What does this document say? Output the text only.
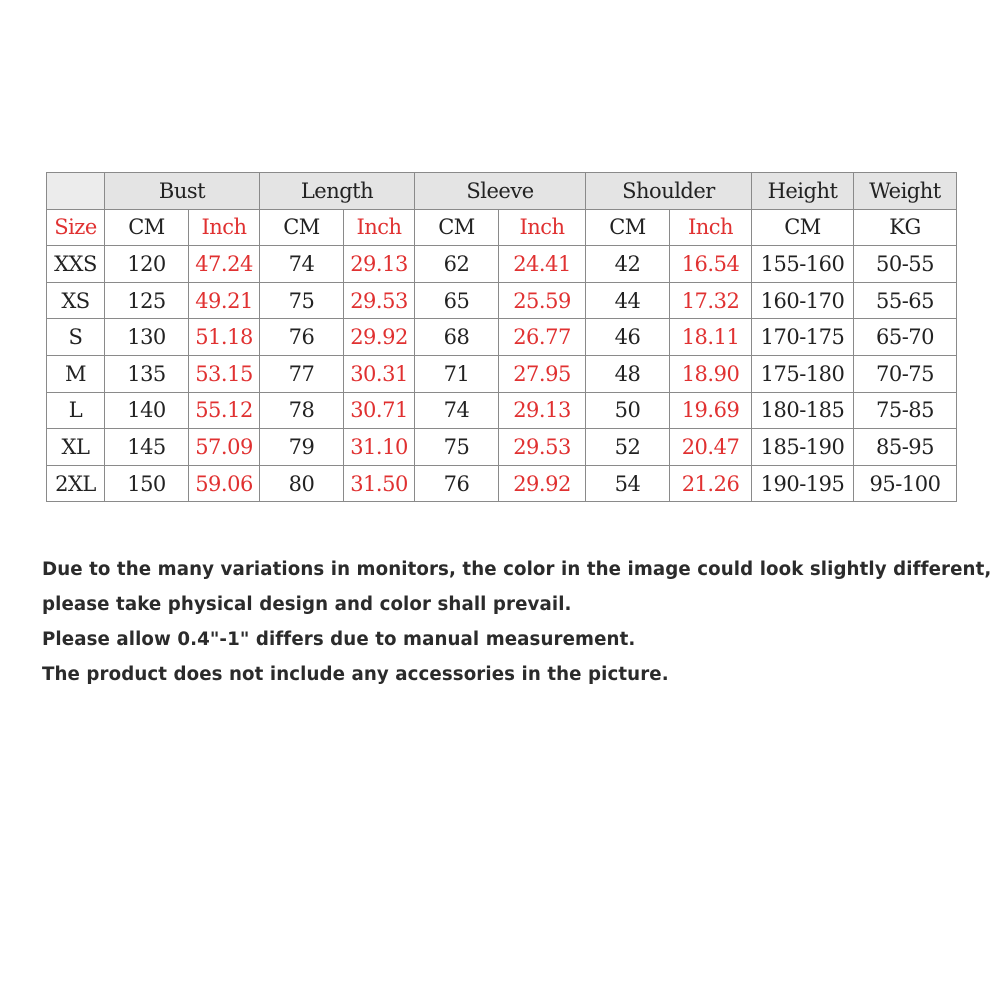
	Bust		Length		Sleeve		Shoulder		Height	Weight
Size	CM	Inch	CM	Inch	CM	Inch	CM	Inch	CM	KG
XXS	120	47.24	74	29.13	62	24.41	42	16.54	155-160	50-55
XS	125	49.21	75	29.53	65	25.59	44	17.32	160-170	55-65
S	130	51.18	76	29.92	68	26.77	46	18.11	170-175	65-70
M	135	53.15	77	30.31	71	27.95	48	18.90	175-180	70-75
L	140	55.12	78	30.71	74	29.13	50	19.69	180-185	75-85
XL	145	57.09	79	31.10	75	29.53	52	20.47	185-190	85-95
2XL	150	59.06	80	31.50	76	29.92	54	21.26	190-195	95-100

Due to the many variations in monitors, the color in the image could look slightly different,

please take physical design and color shall prevail.

Please allow 0.4"-1" differs due to manual measurement.

The product does not include any accessories in the picture.
